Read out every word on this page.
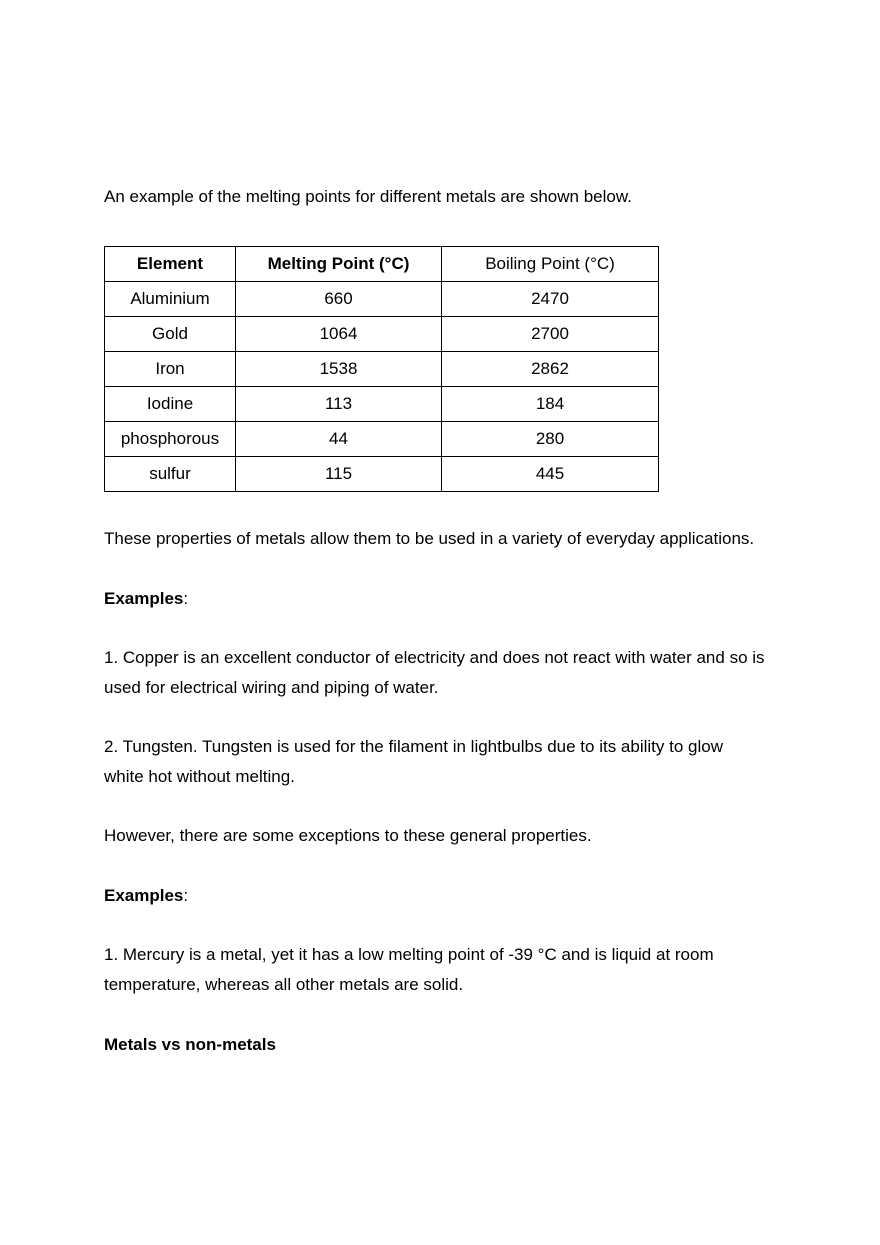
An example of the melting points for different metals are shown below.
Element	Melting Point (°C)	Boiling Point (°C)
Aluminium	660	2470
Gold	1064	2700
Iron	1538	2862
Iodine	113	184
phosphorous	44	280
sulfur	115	445
These properties of metals allow them to be used in a variety of everyday applications.
Examples:
1. Copper is an excellent conductor of electricity and does not react with water and so is
used for electrical wiring and piping of water.
2. Tungsten. Tungsten is used for the filament in lightbulbs due to its ability to glow
white hot without melting.
However, there are some exceptions to these general properties.
Examples:
1. Mercury is a metal, yet it has a low melting point of -39 °C and is liquid at room
temperature, whereas all other metals are solid.
Metals vs non-metals
